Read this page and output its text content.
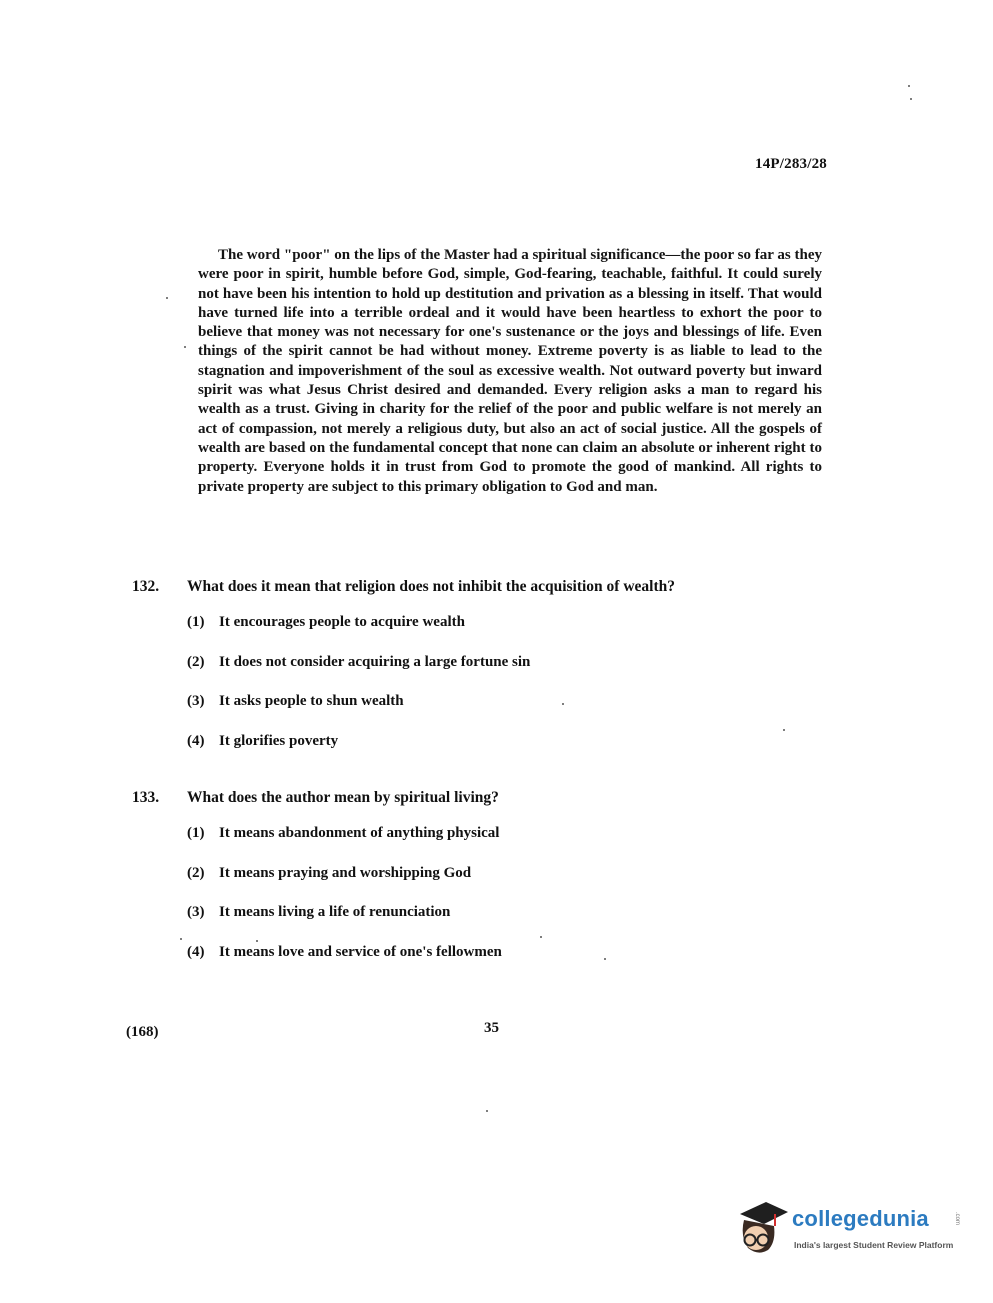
14P/283/28
The word "poor" on the lips of the Master had a spiritual significance—the poor so far as they were poor in spirit, humble before God, simple, God-fearing, teachable, faithful. It could surely not have been his intention to hold up destitution and privation as a blessing in itself. That would have turned life into a terrible ordeal and it would have been heartless to exhort the poor to believe that money was not necessary for one's sustenance or the joys and blessings of life. Even things of the spirit cannot be had without money. Extreme poverty is as liable to lead to the stagnation and impoverishment of the soul as excessive wealth. Not outward poverty but inward spirit was what Jesus Christ desired and demanded. Every religion asks a man to regard his wealth as a trust. Giving in charity for the relief of the poor and public welfare is not merely an act of compassion, not merely a religious duty, but also an act of social justice. All the gospels of wealth are based on the fundamental concept that none can claim an absolute or inherent right to property. Everyone holds it in trust from God to promote the good of mankind. All rights to private property are subject to this primary obligation to God and man.
132. What does it mean that religion does not inhibit the acquisition of wealth?
(1) It encourages people to acquire wealth
(2) It does not consider acquiring a large fortune sin
(3) It asks people to shun wealth
(4) It glorifies poverty
133. What does the author mean by spiritual living?
(1) It means abandonment of anything physical
(2) It means praying and worshipping God
(3) It means living a life of renunciation
(4) It means love and service of one's fellowmen
(168)	35
collegedunia	.com
India's largest Student Review Platform
